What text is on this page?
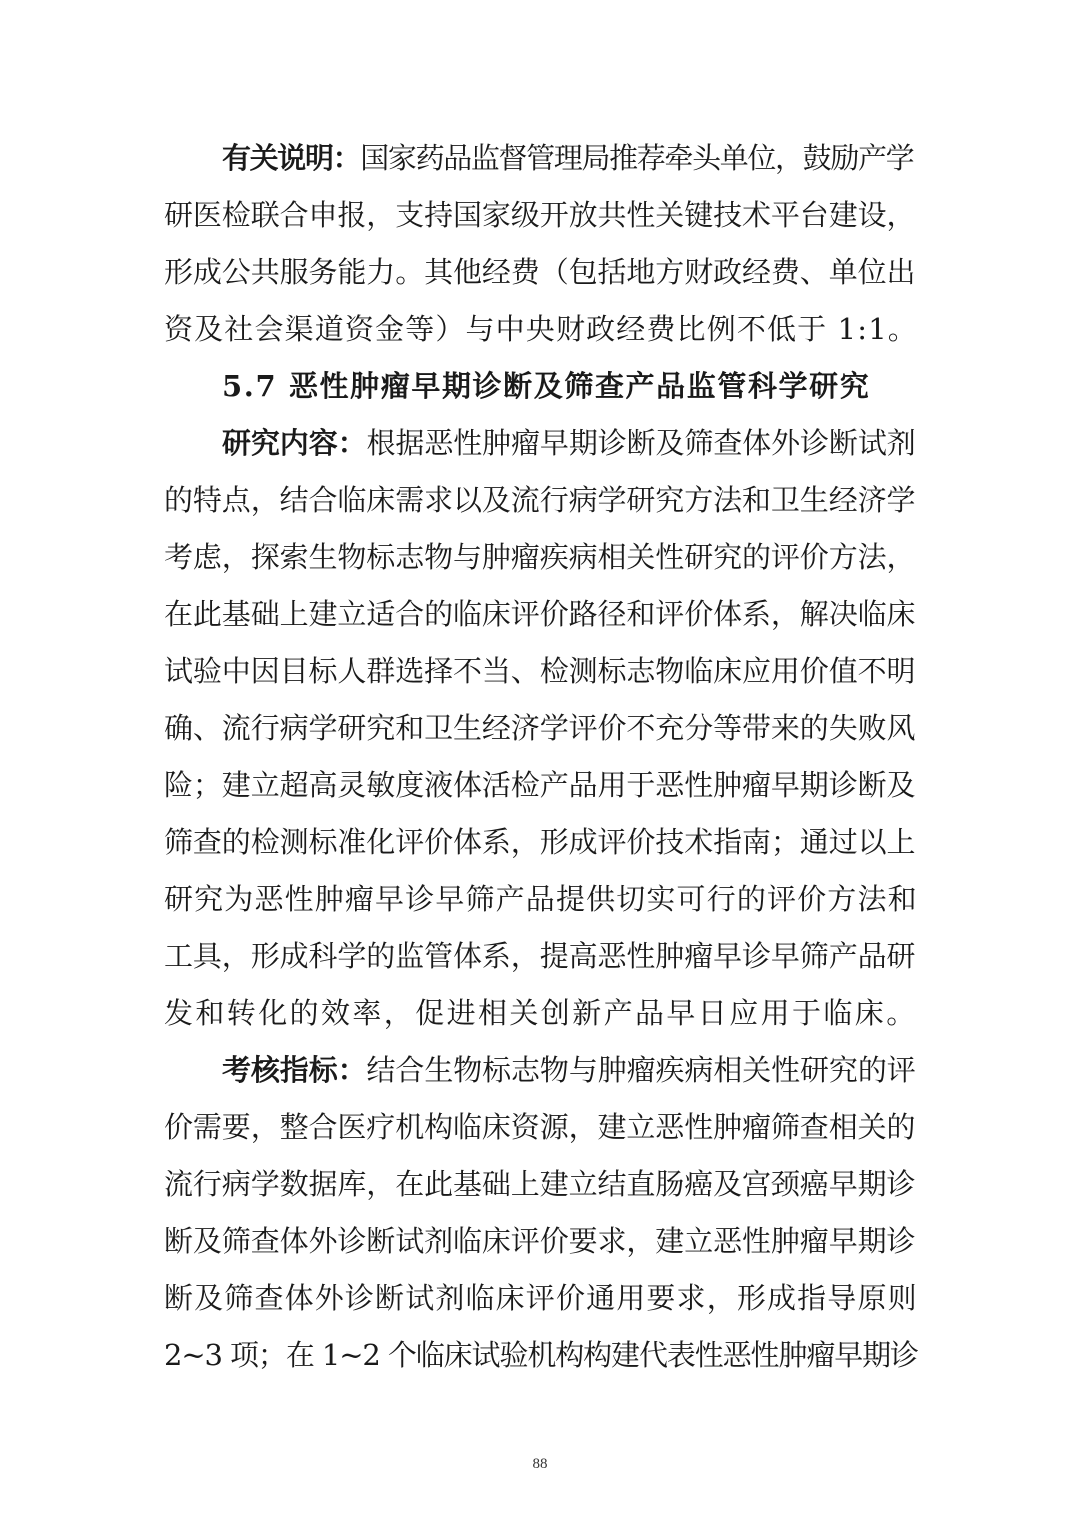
有关说明：国家药品监督管理局推荐牵头单位，鼓励产学
研医检联合申报，支持国家级开放共性关键技术平台建设，
形成公共服务能力。其他经费（包括地方财政经费、单位出
资及社会渠道资金等）与中央财政经费比例不低于 1:1。
5.7 恶性肿瘤早期诊断及筛查产品监管科学研究
研究内容：根据恶性肿瘤早期诊断及筛查体外诊断试剂
的特点，结合临床需求以及流行病学研究方法和卫生经济学
考虑，探索生物标志物与肿瘤疾病相关性研究的评价方法，
在此基础上建立适合的临床评价路径和评价体系，解决临床
试验中因目标人群选择不当、检测标志物临床应用价值不明
确、流行病学研究和卫生经济学评价不充分等带来的失败风
险；建立超高灵敏度液体活检产品用于恶性肿瘤早期诊断及
筛查的检测标准化评价体系，形成评价技术指南；通过以上
研究为恶性肿瘤早诊早筛产品提供切实可行的评价方法和
工具，形成科学的监管体系，提高恶性肿瘤早诊早筛产品研
发和转化的效率，促进相关创新产品早日应用于临床。
考核指标：结合生物标志物与肿瘤疾病相关性研究的评
价需要，整合医疗机构临床资源，建立恶性肿瘤筛查相关的
流行病学数据库，在此基础上建立结直肠癌及宫颈癌早期诊
断及筛查体外诊断试剂临床评价要求，建立恶性肿瘤早期诊
断及筛查体外诊断试剂临床评价通用要求，形成指导原则
2~3 项；在 1~2 个临床试验机构构建代表性恶性肿瘤早期诊
88
